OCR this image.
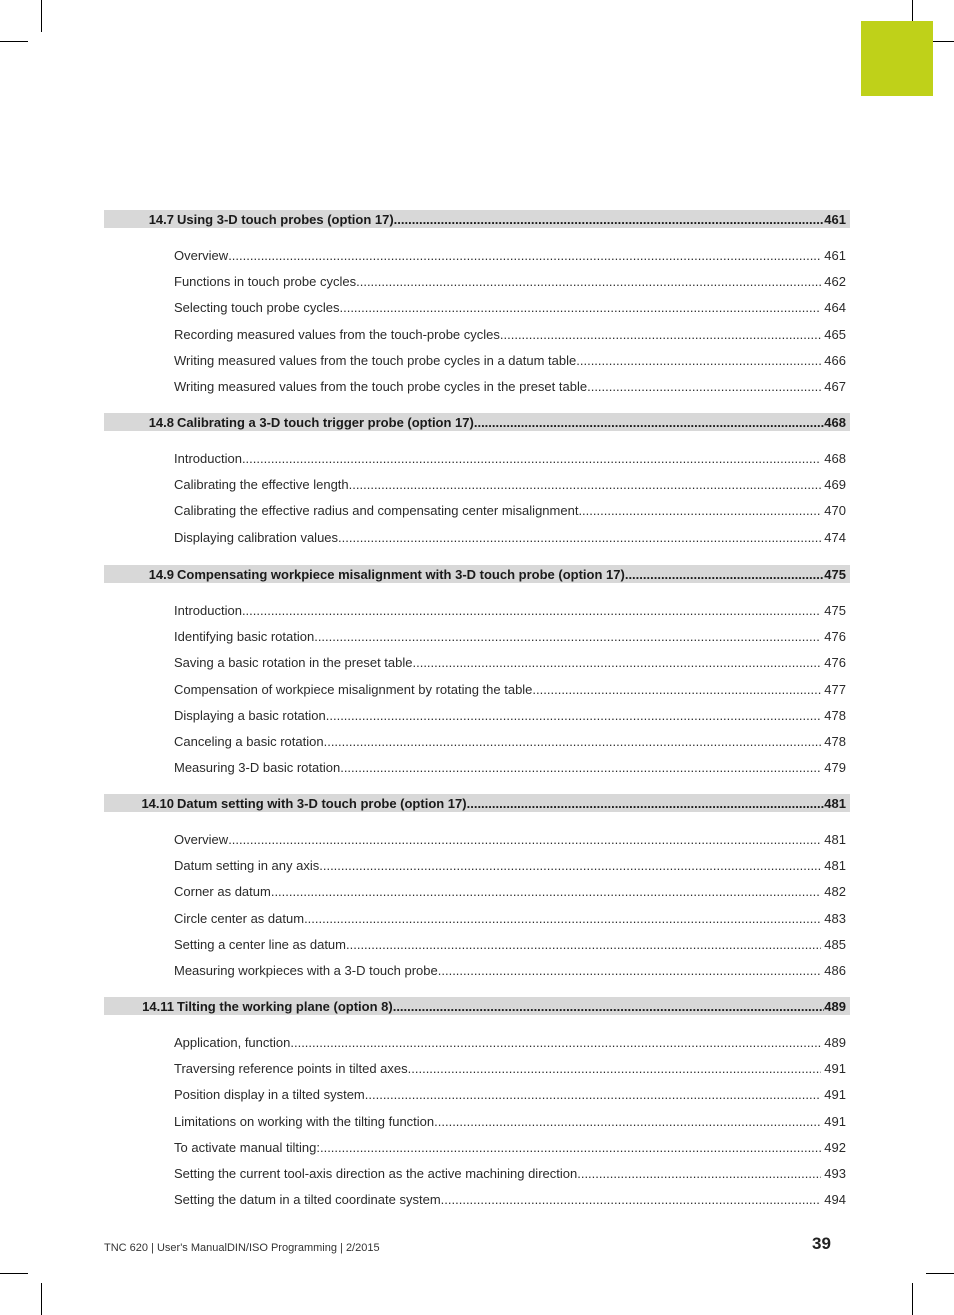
14.7 Using 3-D touch probes (option 17) .....	461
Overview .....	461
Functions in touch probe cycles .....	462
Selecting touch probe cycles .....	464
Recording measured values from the touch-probe cycles .....	465
Writing measured values from the touch probe cycles in a datum table .....	466
Writing measured values from the touch probe cycles in the preset table .....	467
14.8 Calibrating a 3-D touch trigger probe (option 17) .....	468
Introduction .....	468
Calibrating the effective length .....	469
Calibrating the effective radius and compensating center misalignment .....	470
Displaying calibration values .....	474
14.9 Compensating workpiece misalignment with 3-D touch probe (option 17) .....	475
Introduction .....	475
Identifying basic rotation .....	476
Saving a basic rotation in the preset table .....	476
Compensation of workpiece misalignment by rotating the table .....	477
Displaying a basic rotation .....	478
Canceling a basic rotation .....	478
Measuring 3-D basic rotation .....	479
14.10 Datum setting with 3-D touch probe (option 17) .....	481
Overview .....	481
Datum setting in any axis .....	481
Corner as datum .....	482
Circle center as datum .....	483
Setting a center line as datum .....	485
Measuring workpieces with a 3-D touch probe .....	486
14.11 Tilting the working plane (option 8) .....	489
Application, function .....	489
Traversing reference points in tilted axes .....	491
Position display in a tilted system .....	491
Limitations on working with the tilting function .....	491
To activate manual tilting: .....	492
Setting the current tool-axis direction as the active machining direction .....	493
Setting the datum in a tilted coordinate system .....	494
TNC 620 | User's ManualDIN/ISO Programming | 2/2015	39
